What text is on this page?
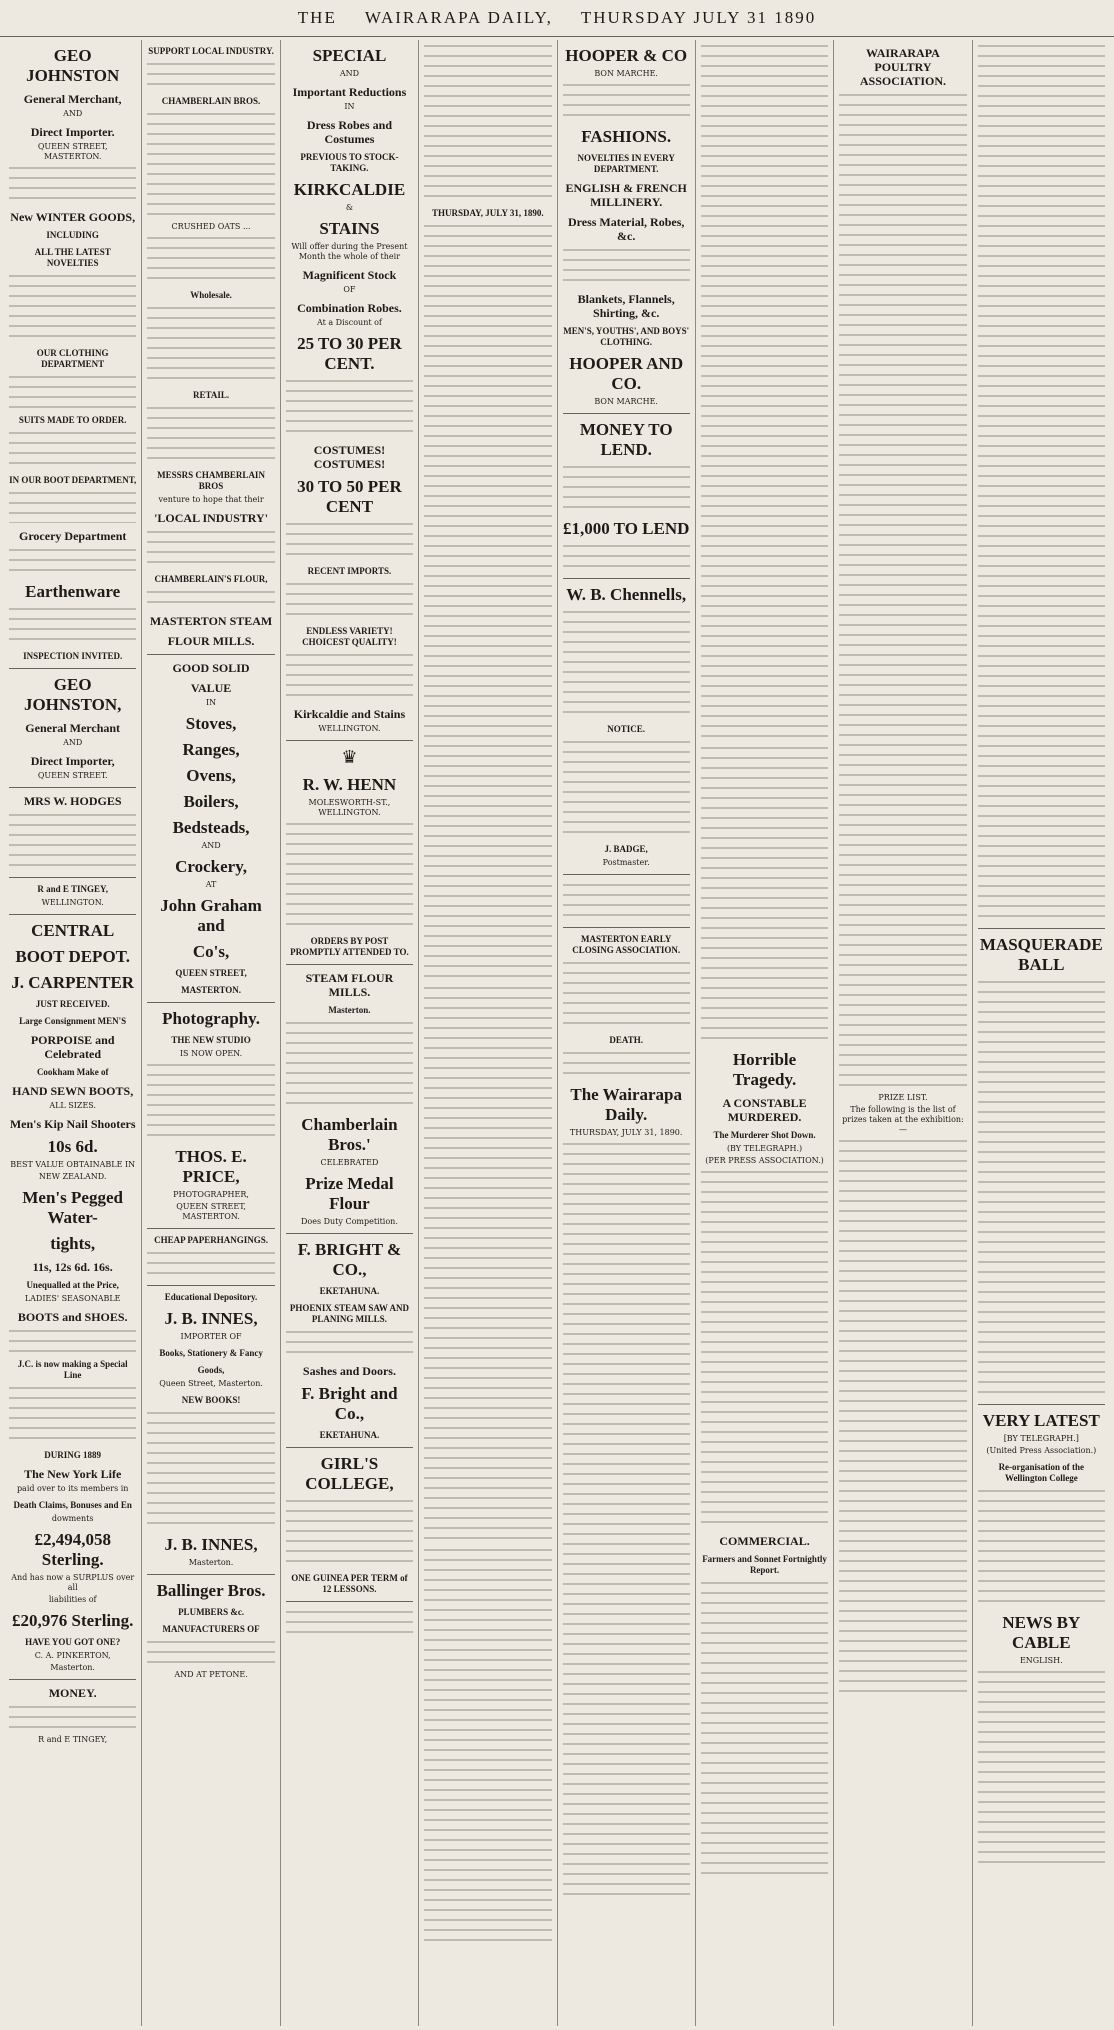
THE WAIRARAPA DAILY, THURSDAY JULY 31 1890
GEO JOHNSTON
General Merchant,
AND
Direct Importer.
QUEEN STREET, MASTERTON.
New WINTER GOODS,
INCLUDING
ALL THE LATEST NOVELTIES
OUR CLOTHING DEPARTMENT
SUITS MADE TO ORDER.
IN OUR BOOT DEPARTMENT,
Grocery Department
Earthenware
INSPECTION INVITED.
GEO JOHNSTON,
General Merchant
AND
Direct Importer,
QUEEN STREET.
MRS W. HODGES
R and E TINGEY,
WELLINGTON.
CENTRAL
BOOT DEPOT.
J. CARPENTER
JUST RECEIVED.
Large Consignment MEN'S
PORPOISE and Celebrated
Cookham Make of
HAND SEWN BOOTS,
ALL SIZES.
Men's Kip Nail Shooters
10s 6d.
BEST VALUE OBTAINABLE IN
NEW ZEALAND.
Men's Pegged Water-
tights,
11s, 12s 6d. 16s.
Unequalled at the Price,
LADIES' SEASONABLE
BOOTS and SHOES.
J.C. is now making a Special Line
DURING 1889
The New York Life
paid over to its members in
Death Claims, Bonuses and En
dowments
£2,494,058 Sterling.
And has now a SURPLUS over all
liabilities of
£20,976 Sterling.
HAVE YOU GOT ONE?
C. A. PINKERTON,
Masterton.
MONEY.
R and E TINGEY,
SUPPORT LOCAL INDUSTRY.
CHAMBERLAIN BROS.
CRUSHED OATS ...
Wholesale.
RETAIL.
MESSRS CHAMBERLAIN BROS
venture to hope that their
'LOCAL INDUSTRY'
CHAMBERLAIN'S FLOUR,
MASTERTON STEAM
FLOUR MILLS.
GOOD SOLID
VALUE
IN
Stoves,
Ranges,
Ovens,
Boilers,
Bedsteads,
AND
Crockery,
AT
John Graham and
Co's,
QUEEN STREET,
MASTERTON.
Photography.
THE NEW STUDIO
IS NOW OPEN.
THOS. E. PRICE,
PHOTOGRAPHER,
QUEEN STREET, MASTERTON.
CHEAP PAPERHANGINGS.
Educational Depository.
J. B. INNES,
IMPORTER OF
Books, Stationery & Fancy
Goods,
Queen Street, Masterton.
NEW BOOKS!
J. B. INNES,
Masterton.
Ballinger Bros.
PLUMBERS &c.
MANUFACTURERS OF
AND AT PETONE.
SPECIAL
AND
Important Reductions
IN
Dress Robes and Costumes
PREVIOUS TO STOCK-TAKING.
KIRKCALDIE
&
STAINS
Will offer during the Present Month the whole of their
Magnificent Stock
OF
Combination Robes.
At a Discount of
25 TO 30 PER CENT.
COSTUMES! COSTUMES!
30 TO 50 PER CENT
RECENT IMPORTS.
ENDLESS VARIETY! CHOICEST QUALITY!
Kirkcaldie and Stains
WELLINGTON.
♛
R. W. HENN
MOLESWORTH-ST., WELLINGTON.
ORDERS BY POST PROMPTLY ATTENDED TO.
STEAM FLOUR MILLS.
Masterton.
Chamberlain Bros.'
CELEBRATED
Prize Medal Flour
Does Duty Competition.
F. BRIGHT & CO.,
EKETAHUNA.
PHOENIX STEAM SAW AND PLANING MILLS.
Sashes and Doors.
F. Bright and Co.,
EKETAHUNA.
GIRL'S COLLEGE,
ONE GUINEA PER TERM of 12 LESSONS.
THURSDAY, JULY 31, 1890.
HOOPER & CO
BON MARCHE.
FASHIONS.
NOVELTIES IN EVERY DEPARTMENT.
ENGLISH & FRENCH MILLINERY.
Dress Material, Robes, &c.
Blankets, Flannels, Shirting, &c.
MEN'S, YOUTHS', AND BOYS' CLOTHING.
HOOPER AND CO.
BON MARCHE.
MONEY TO LEND.
£1,000 TO LEND
W. B. Chennells,
NOTICE.
J. BADGE,
Postmaster.
MASTERTON EARLY CLOSING ASSOCIATION.
DEATH.
The Wairarapa Daily.
THURSDAY, JULY 31, 1890.
Horrible Tragedy.
A CONSTABLE MURDERED.
The Murderer Shot Down.
(BY TELEGRAPH.)
(PER PRESS ASSOCIATION.)
COMMERCIAL.
Farmers and Sonnet Fortnightly Report.
WAIRARAPA POULTRY ASSOCIATION.
PRIZE LIST.
The following is the list of prizes taken at the exhibition:—
MASQUERADE BALL
VERY LATEST
[BY TELEGRAPH.]
(United Press Association.)
Re-organisation of the Wellington College
NEWS BY CABLE
ENGLISH.
